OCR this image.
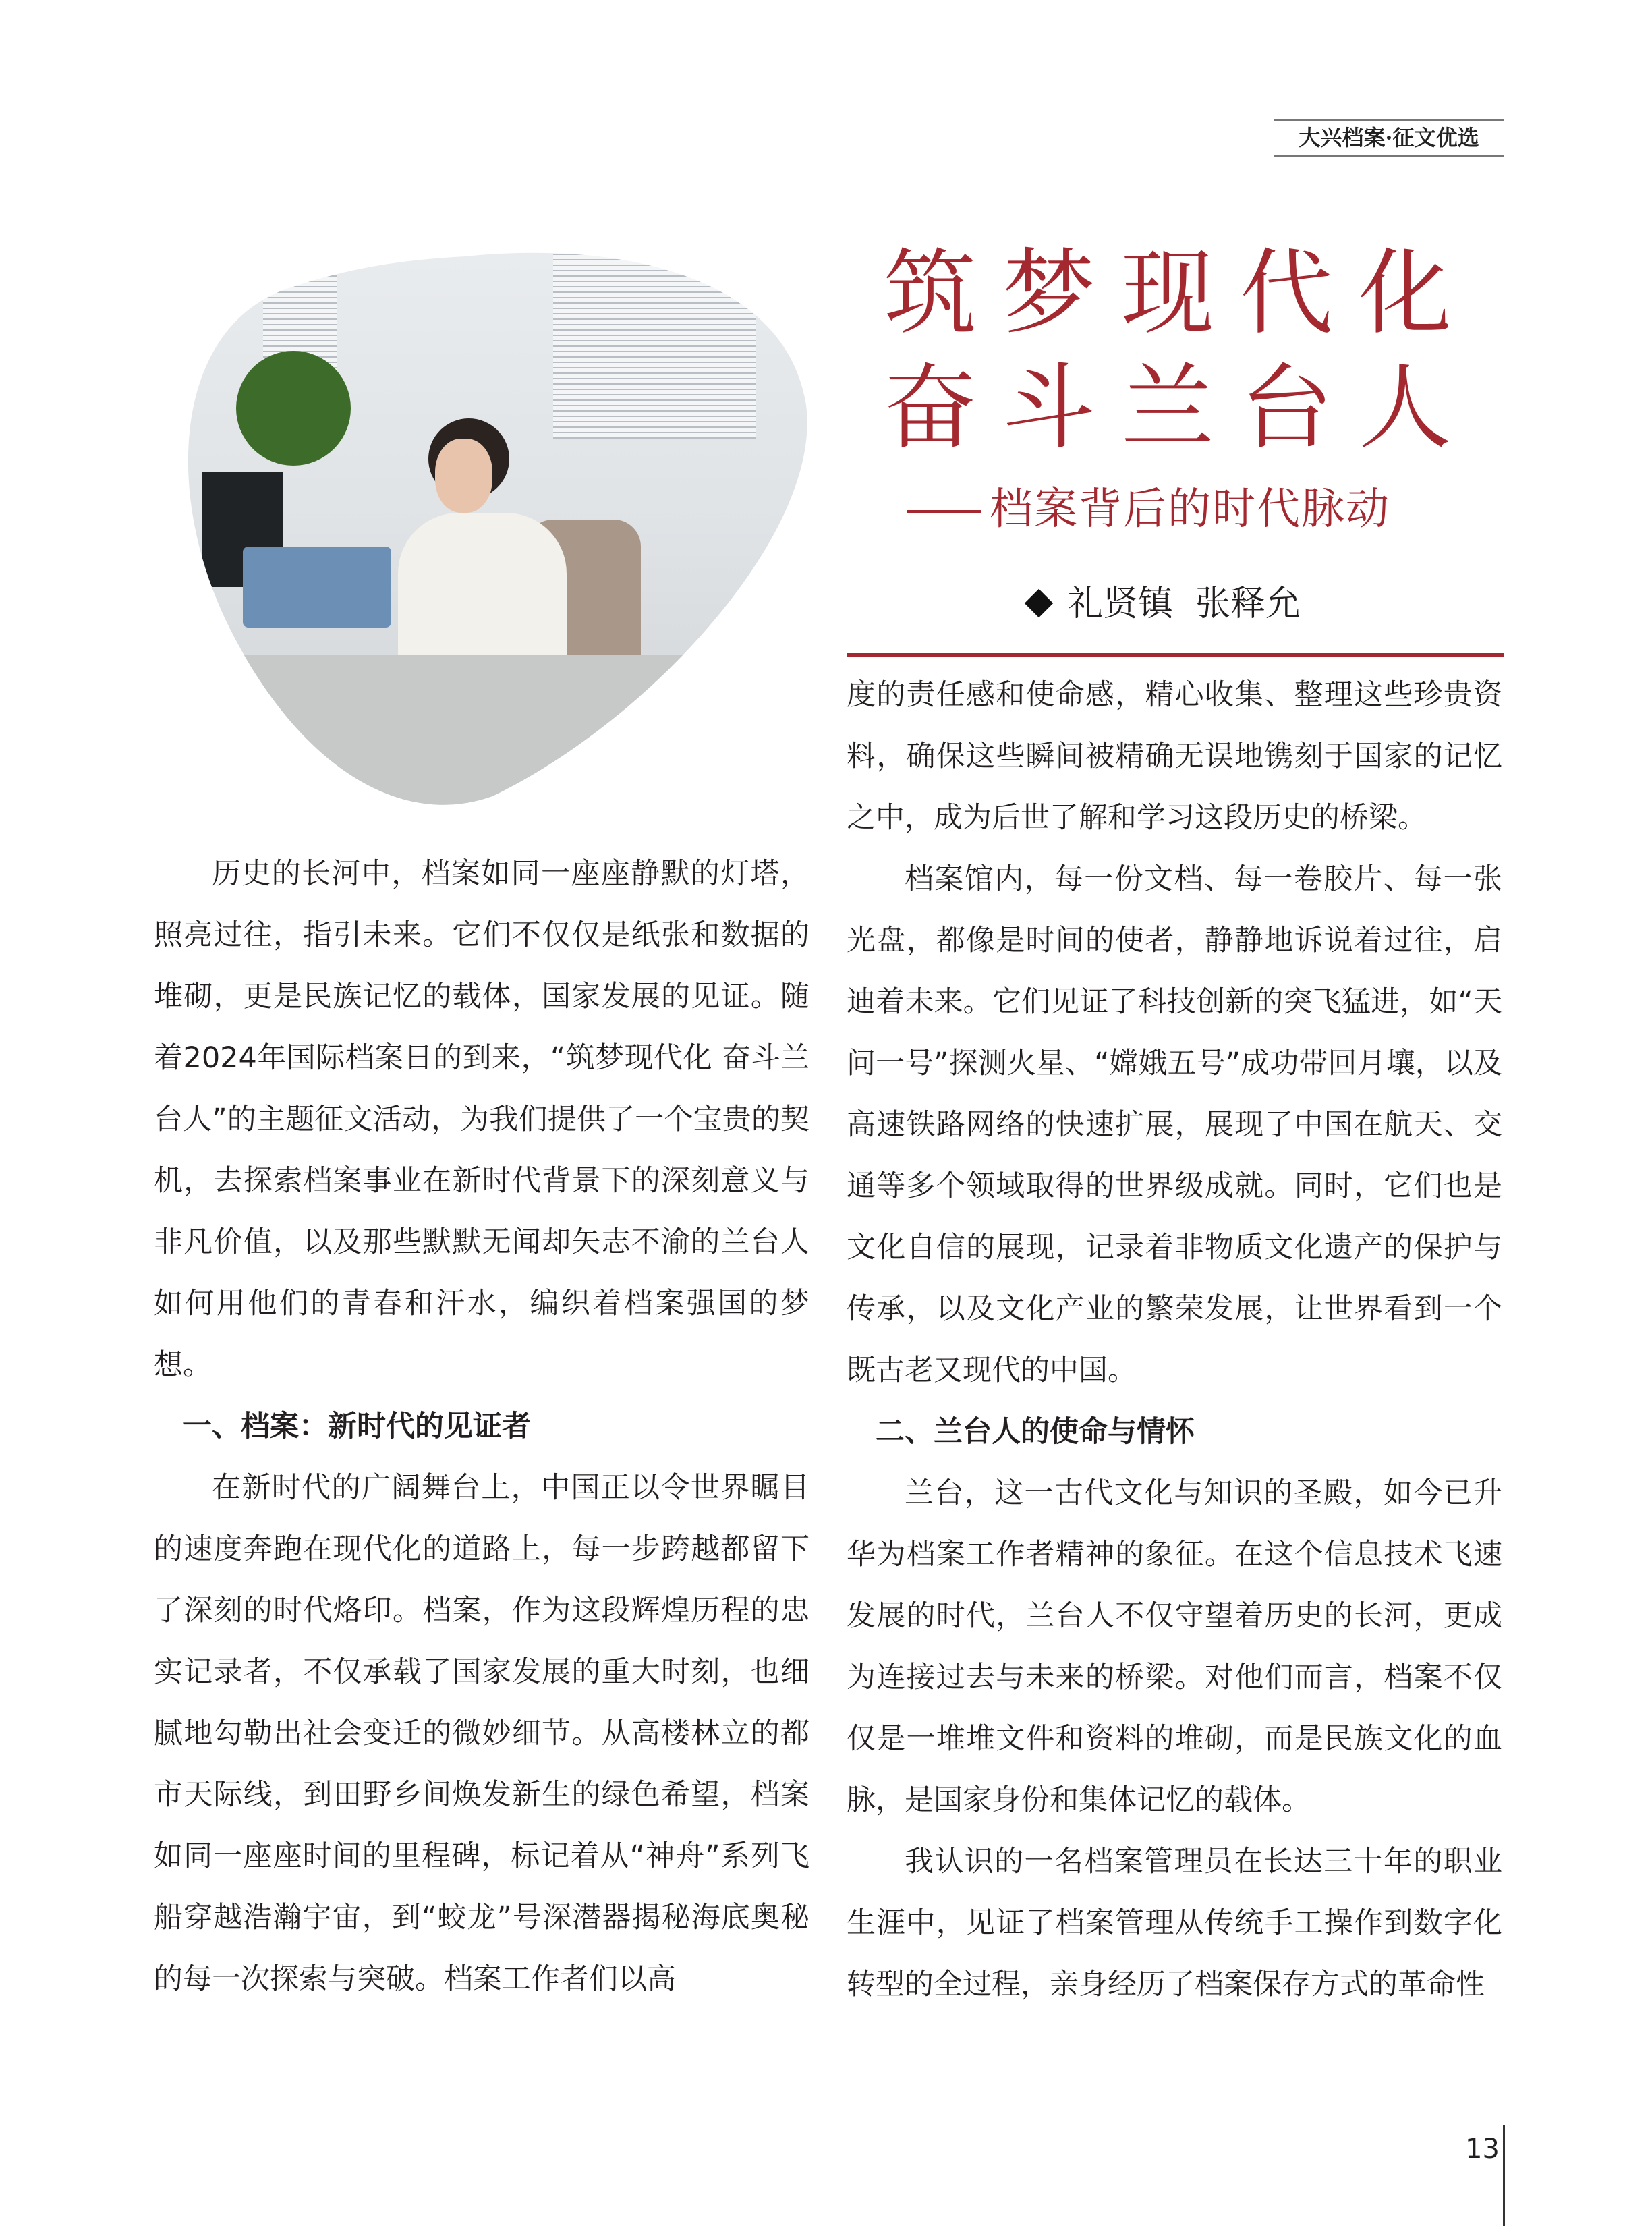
大兴档案·征文优选
筑梦现代化
奋斗兰台人
档案背后的时代脉动
礼贤镇  张释允

历史的长河中，档案如同一座座静默的灯塔，照亮过往，指引未来。它们不仅仅是纸张和数据的堆砌，更是民族记忆的载体，国家发展的见证。随着2024年国际档案日的到来，“筑梦现代化 奋斗兰台人”的主题征文活动，为我们提供了一个宝贵的契机，去探索档案事业在新时代背景下的深刻意义与非凡价值，以及那些默默无闻却矢志不渝的兰台人如何用他们的青春和汗水，编织着档案强国的梦想。

一、档案：新时代的见证者

在新时代的广阔舞台上，中国正以令世界瞩目的速度奔跑在现代化的道路上，每一步跨越都留下了深刻的时代烙印。档案，作为这段辉煌历程的忠实记录者，不仅承载了国家发展的重大时刻，也细腻地勾勒出社会变迁的微妙细节。从高楼林立的都市天际线，到田野乡间焕发新生的绿色希望，档案如同一座座时间的里程碑，标记着从“神舟”系列飞船穿越浩瀚宇宙，到“蛟龙”号深潜器揭秘海底奥秘的每一次探索与突破。档案工作者们以高

度的责任感和使命感，精心收集、整理这些珍贵资料，确保这些瞬间被精确无误地镌刻于国家的记忆之中，成为后世了解和学习这段历史的桥梁。

档案馆内，每一份文档、每一卷胶片、每一张光盘，都像是时间的使者，静静地诉说着过往，启迪着未来。它们见证了科技创新的突飞猛进，如“天问一号”探测火星、“嫦娥五号”成功带回月壤，以及高速铁路网络的快速扩展，展现了中国在航天、交通等多个领域取得的世界级成就。同时，它们也是文化自信的展现，记录着非物质文化遗产的保护与传承，以及文化产业的繁荣发展，让世界看到一个既古老又现代的中国。

二、兰台人的使命与情怀

兰台，这一古代文化与知识的圣殿，如今已升华为档案工作者精神的象征。在这个信息技术飞速发展的时代，兰台人不仅守望着历史的长河，更成为连接过去与未来的桥梁。对他们而言，档案不仅仅是一堆堆文件和资料的堆砌，而是民族文化的血脉，是国家身份和集体记忆的载体。

我认识的一名档案管理员在长达三十年的职业生涯中，见证了档案管理从传统手工操作到数字化转型的全过程，亲身经历了档案保存方式的革命性

13
